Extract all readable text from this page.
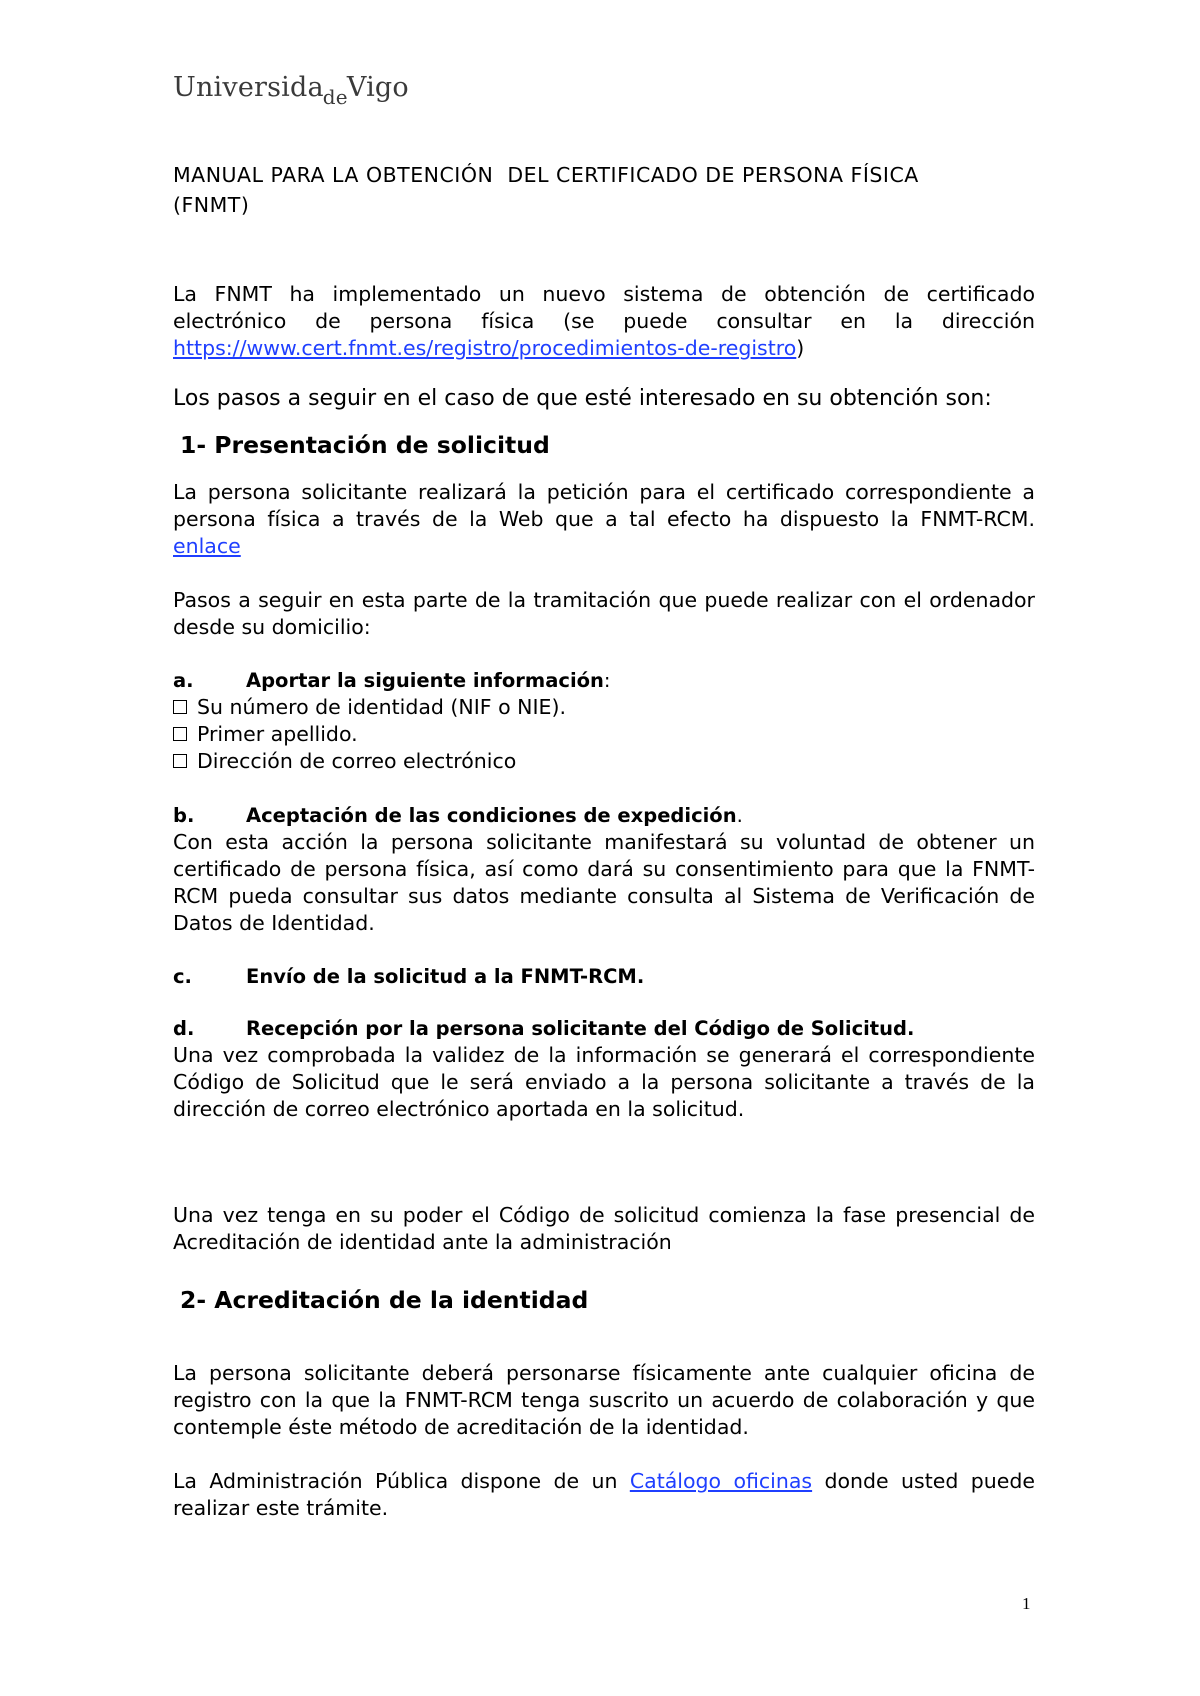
Universida$_{de}$Vigo
MANUAL PARA LA OBTENCIÓN  DEL CERTIFICADO DE PERSONA FÍSICA
(FNMT)
La FNMT ha implementado un nuevo sistema de obtención de certificado
electrónico de persona física (se puede consultar en la dirección
https://www.cert.fnmt.es/registro/procedimientos-de-registro)
Los pasos a seguir en el caso de que esté interesado en su obtención son:
1- Presentación de solicitud
La persona solicitante realizará la petición para el certificado correspondiente a persona física a través de la Web que a tal efecto ha dispuesto la FNMT-RCM. enlace
Pasos a seguir en esta parte de la tramitación que puede realizar con el ordenador desde su domicilio:
a.	Aportar la siguiente información:
Su número de identidad (NIF o NIE).
Primer apellido.
Dirección de correo electrónico
b.	Aceptación de las condiciones de expedición.
Con esta acción la persona solicitante manifestará su voluntad de obtener un certificado de persona física, así como dará su consentimiento para que la FNMT-RCM pueda consultar sus datos mediante consulta al Sistema de Verificación de Datos de Identidad.
c.	Envío de la solicitud a la FNMT-RCM.
d.	Recepción por la persona solicitante del Código de Solicitud.
Una vez comprobada la validez de la información se generará el correspondiente Código de Solicitud que le será enviado a la persona solicitante a través de la dirección de correo electrónico aportada en la solicitud.
Una vez tenga en su poder el Código de solicitud comienza la fase presencial de Acreditación de identidad ante la administración
2- Acreditación de la identidad
La persona solicitante deberá personarse físicamente ante cualquier oficina de registro con la que la FNMT-RCM tenga suscrito un acuerdo de colaboración y que contemple éste método de acreditación de la identidad.
La Administración Pública dispone de un Catálogo oficinas donde usted puede realizar este trámite.
1
